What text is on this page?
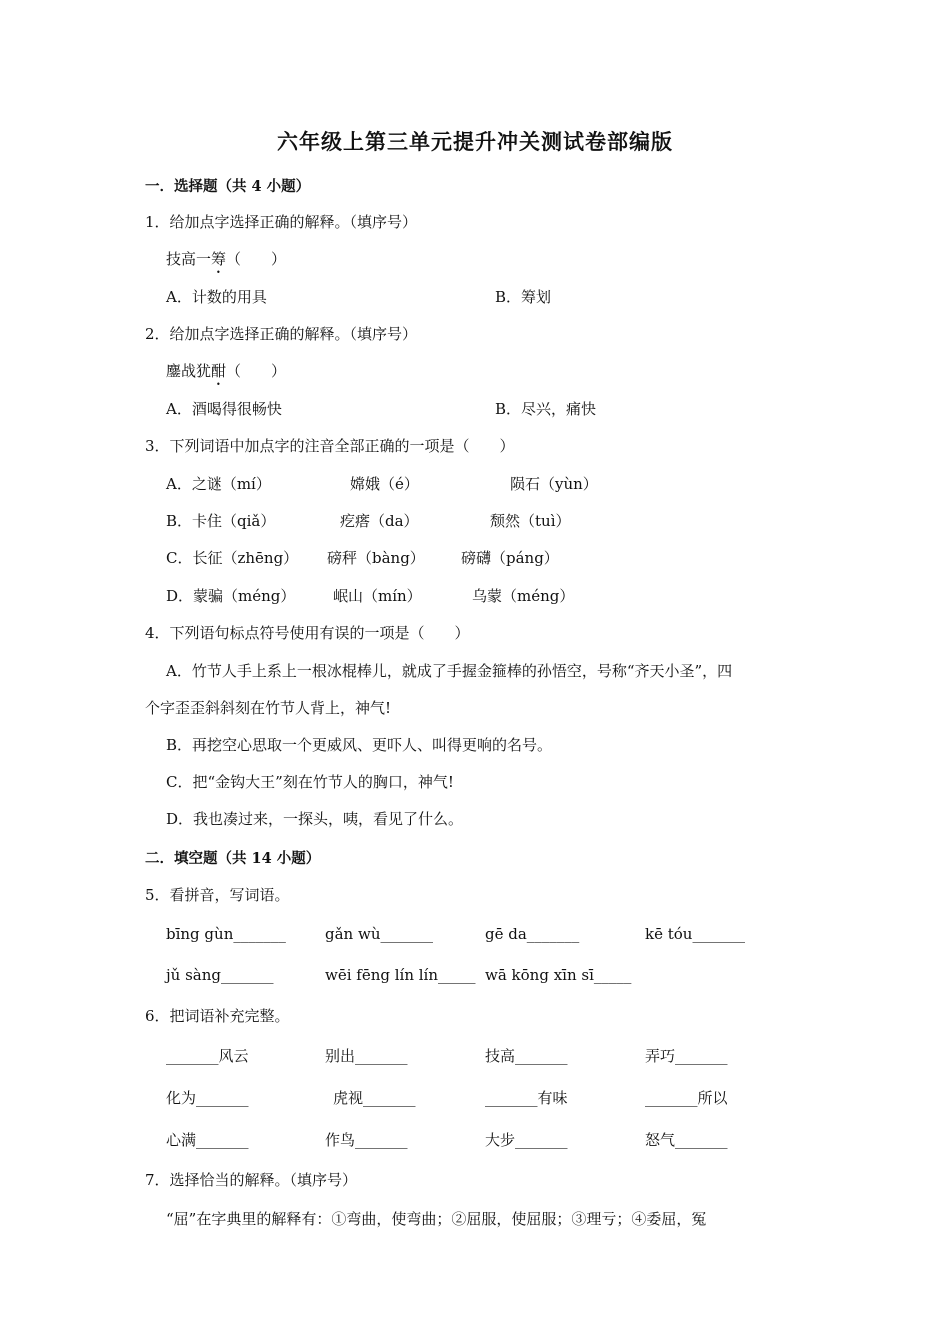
六年级上第三单元提升冲关测试卷部编版
一．选择题（共 4 小题）
1．给加点字选择正确的解释。（填序号）
技高一筹（　　）
A．计数的用具	B．筹划
2．给加点字选择正确的解释。（填序号）
鏖战犹酣（　　）
A．酒喝得很畅快	B．尽兴，痛快
3．下列词语中加点字的注音全部正确的一项是（　　）
A．之谜（mí）	嫦娥（é）	陨石（yùn）
B．卡住（qiǎ）	疙瘩（da）	颓然（tuì）
C．长征（zhēng） 磅秤（bàng） 磅礴（páng）
D．蒙骗（méng）	岷山（mín）	乌蒙（méng）
4．下列语句标点符号使用有误的一项是（　　）
A．竹节人手上系上一根冰棍棒儿，就成了手握金箍棒的孙悟空，号称“齐天小圣”，四
个字歪歪斜斜刻在竹节人背上，神气!
B．再挖空心思取一个更威风、更吓人、叫得更响的名号。
C．把“金钩大王”刻在竹节人的胸口，神气!
D．我也凑过来，一探头，咦，看见了什么。
二．填空题（共 14 小题）
5．看拼音，写词语。
bīng gùn_______	gǎn wù_______	gē da_______	kē tóu_______
jǔ sàng_______	wēi fēng lín lín_____ wā kōng xīn sī_____
6．把词语补充完整。
_______风云	别出_______	技高_______	弄巧_______
化为_______	虎视_______	_______有味	_______所以
心满_______	作鸟_______	大步_______	怒气_______
7．选择恰当的解释。（填序号）
“屈”在字典里的解释有：①弯曲，使弯曲；②屈服，使屈服；③理亏；④委屈，冤
